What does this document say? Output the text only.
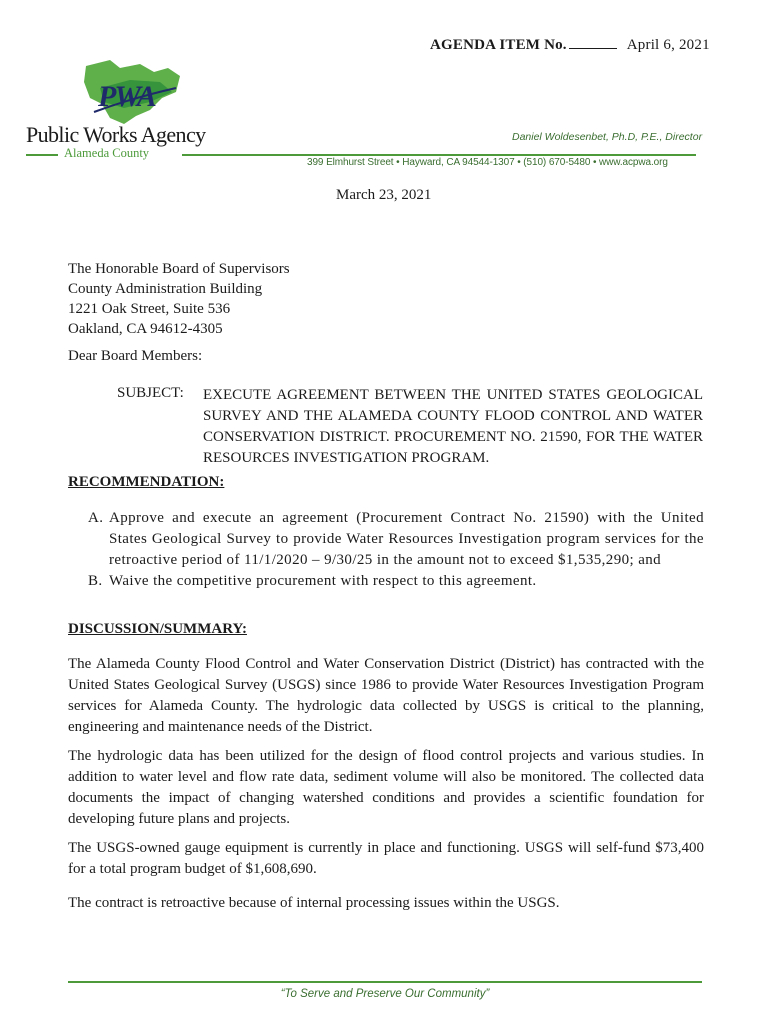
AGENDA ITEM No.	April 6, 2021
PWA
Public Works Agency
Alameda County
Daniel Woldesenbet, Ph.D, P.E., Director
399 Elmhurst Street • Hayward, CA 94544-1307 • (510) 670-5480 • www.acpwa.org
March 23, 2021
The Honorable Board of Supervisors
County Administration Building
1221 Oak Street, Suite 536
Oakland, CA 94612-4305
Dear Board Members:
SUBJECT: EXECUTE AGREEMENT BETWEEN THE UNITED STATES GEOLOGICAL SURVEY AND THE ALAMEDA COUNTY FLOOD CONTROL AND WATER CONSERVATION DISTRICT. PROCUREMENT NO. 21590, FOR THE WATER RESOURCES INVESTIGATION PROGRAM.
RECOMMENDATION:
A. Approve and execute an agreement (Procurement Contract No. 21590) with the United States Geological Survey to provide Water Resources Investigation program services for the retroactive period of 11/1/2020 – 9/30/25 in the amount not to exceed $1,535,290; and
B. Waive the competitive procurement with respect to this agreement.
DISCUSSION/SUMMARY:
The Alameda County Flood Control and Water Conservation District (District) has contracted with the United States Geological Survey (USGS) since 1986 to provide Water Resources Investigation Program services for Alameda County. The hydrologic data collected by USGS is critical to the planning, engineering and maintenance needs of the District.
The hydrologic data has been utilized for the design of flood control projects and various studies. In addition to water level and flow rate data, sediment volume will also be monitored. The collected data documents the impact of changing watershed conditions and provides a scientific foundation for developing future plans and projects.
The USGS-owned gauge equipment is currently in place and functioning. USGS will self-fund $73,400 for a total program budget of $1,608,690.
The contract is retroactive because of internal processing issues within the USGS.
“To Serve and Preserve Our Community”
